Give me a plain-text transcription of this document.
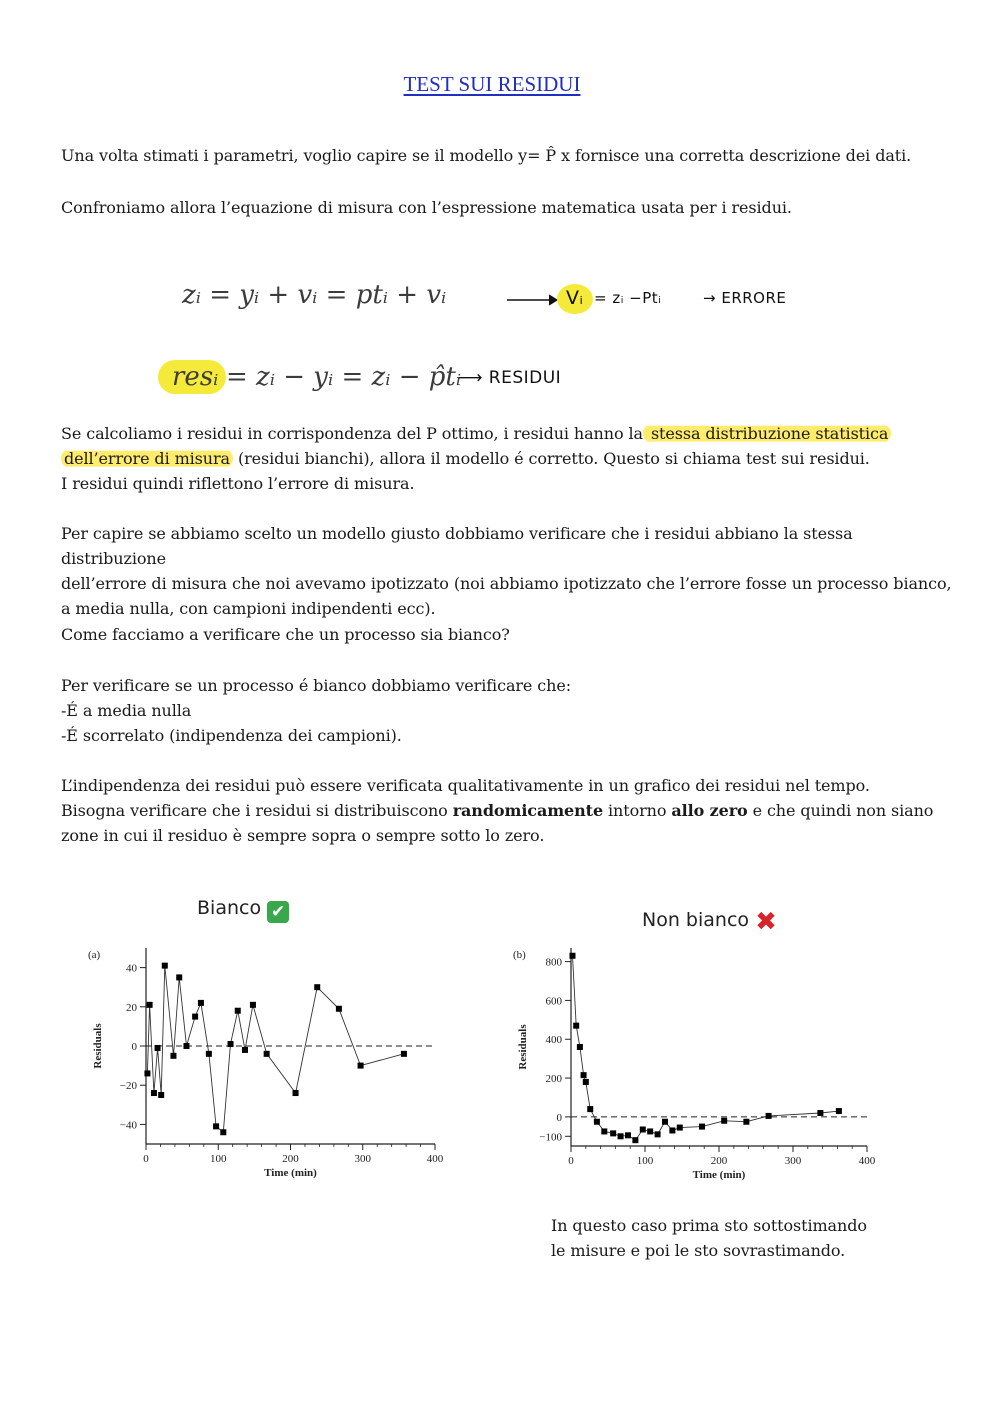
TEST SUI RESIDUI

Una volta stimati i parametri, voglio capire se il modello y= P̂ x fornisce una corretta descrizione dei dati.

Confroniamo allora l’equazione di misura con l’espressione matematica usata per i residui.
zᵢ = yᵢ + vᵢ = ptᵢ + vᵢ	Vᵢ = zᵢ −Ptᵢ	→ ERRORE
resᵢ = zᵢ − yᵢ = zᵢ − p̂tᵢ
⟶ RESIDUI

Se calcoliamo i residui in corrispondenza del P ottimo, i residui hanno la stessa distribuzione statistica

dell’errore di misura (residui bianchi), allora il modello é corretto. Questo si chiama test sui residui.

I residui quindi riflettono l’errore di misura.

Per capire se abbiamo scelto un modello giusto dobbiamo verificare che i residui abbiano la stessa distribuzione

dell’errore di misura che noi avevamo ipotizzato (noi abbiamo ipotizzato che l’errore fosse un processo bianco,

a media nulla, con campioni indipendenti ecc).

Come facciamo a verificare che un processo sia bianco?

Per verificare se un processo é bianco dobbiamo verificare che:

-É a media nulla

-É scorrelato (indipendenza dei campioni).

L’indipendenza dei residui può essere verificata qualitativamente in un grafico dei residui nel tempo.

Bisogna verificare che i residui si distribuiscono randomicamente intorno allo zero e che quindi non siano

zone in cui il residuo è sempre sopra o sempre sotto lo zero.

Bianco ✔	Non bianco ✖
(a)
0	100	200	300	400
−40
−20
0
20
40
Time (min)
Residuals
(b)
0	100	200	300	400
−100
0
200
400
600
800
Time (min)
Residuals

In questo caso prima sto sottostimando

le misure e poi le sto sovrastimando.
